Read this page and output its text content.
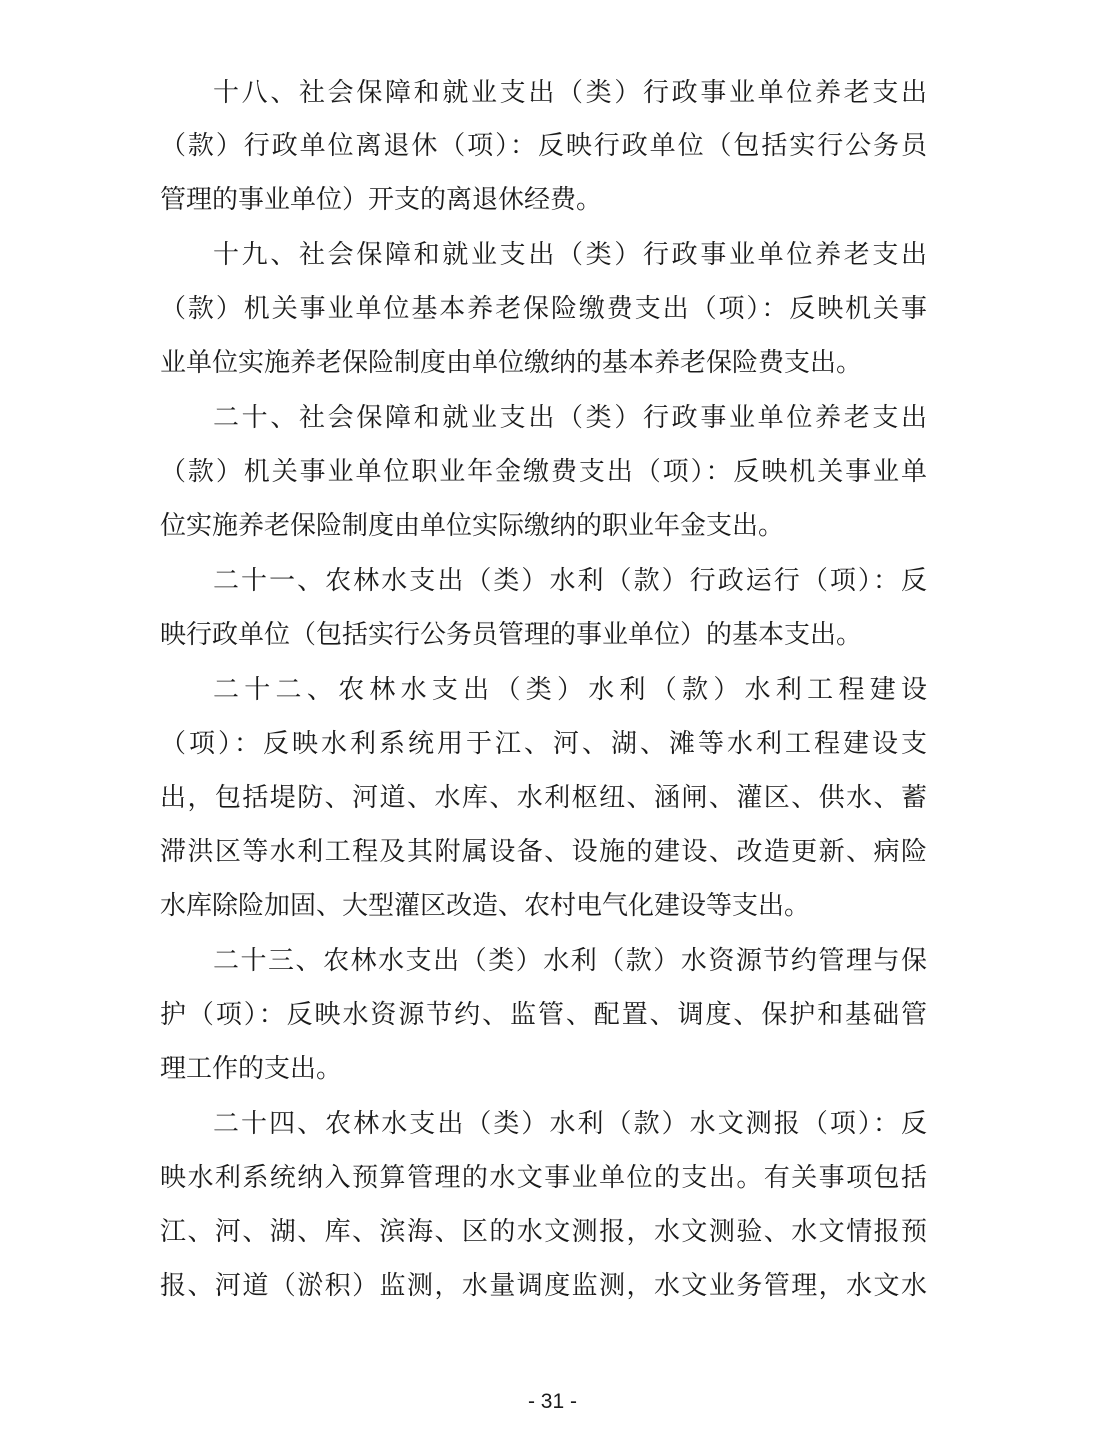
十八、社会保障和就业支出（类）行政事业单位养老支出
（款）行政单位离退休（项）：反映行政单位（包括实行公务员
管理的事业单位）开支的离退休经费。
十九、社会保障和就业支出（类）行政事业单位养老支出
（款）机关事业单位基本养老保险缴费支出（项）：反映机关事
业单位实施养老保险制度由单位缴纳的基本养老保险费支出。
二十、社会保障和就业支出（类）行政事业单位养老支出
（款）机关事业单位职业年金缴费支出（项）：反映机关事业单
位实施养老保险制度由单位实际缴纳的职业年金支出。
二十一、农林水支出（类）水利（款）行政运行（项）：反
映行政单位（包括实行公务员管理的事业单位）的基本支出。
二十二、农林水支出（类）水利（款）水利工程建设
（项）：反映水利系统用于江、河、湖、滩等水利工程建设支
出，包括堤防、河道、水库、水利枢纽、涵闸、灌区、供水、蓄
滞洪区等水利工程及其附属设备、设施的建设、改造更新、病险
水库除险加固、大型灌区改造、农村电气化建设等支出。
二十三、农林水支出（类）水利（款）水资源节约管理与保
护（项）：反映水资源节约、监管、配置、调度、保护和基础管
理工作的支出。
二十四、农林水支出（类）水利（款）水文测报（项）：反
映水利系统纳入预算管理的水文事业单位的支出。有关事项包括
江、河、湖、库、滨海、区的水文测报，水文测验、水文情报预
报、河道（淤积）监测，水量调度监测，水文业务管理，水文水
- 31 -
